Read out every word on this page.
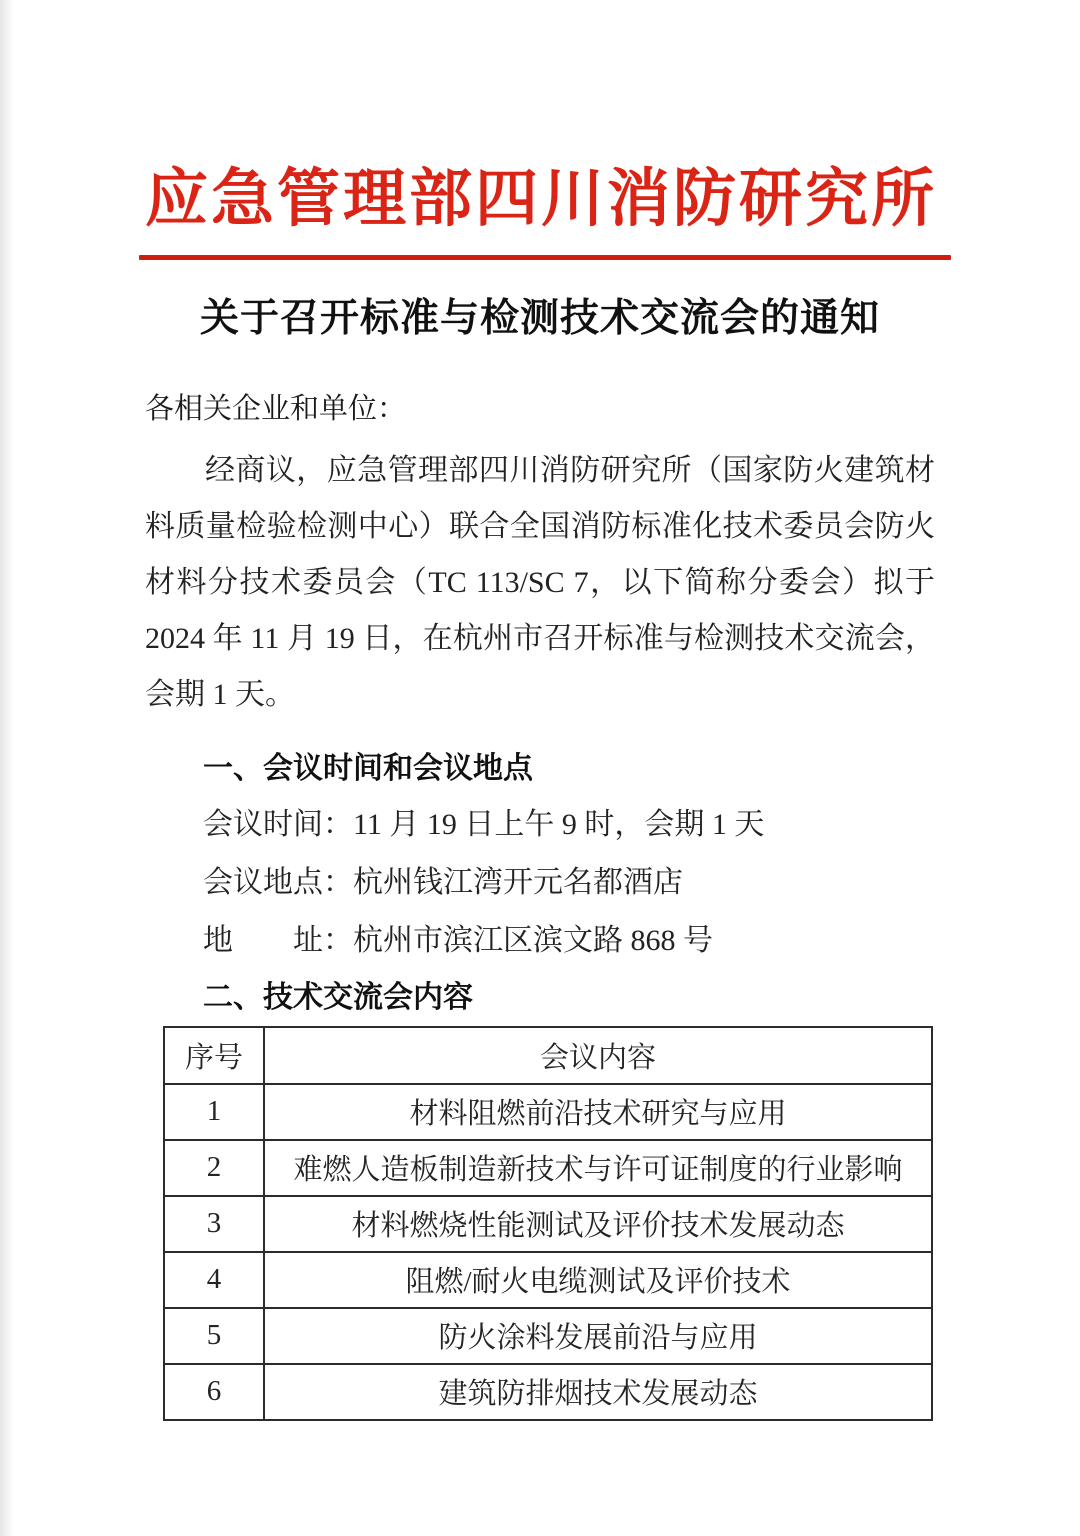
应急管理部四川消防研究所
关于召开标准与检测技术交流会的通知

各相关企业和单位：

经商议，应急管理部四川消防研究所（国家防火建筑材料质量检验检测中心）联合全国消防标准化技术委员会防火材料分技术委员会（TC 113/SC 7，以下简称分委会）拟于 2024 年 11 月 19 日，在杭州市召开标准与检测技术交流会，会期 1 天。

一、会议时间和会议地点

会议时间：11 月 19 日上午 9 时，会期 1 天

会议地点：杭州钱江湾开元名都酒店

地　　址：杭州市滨江区滨文路 868 号

二、技术交流会内容
序号	会议内容
1	材料阻燃前沿技术研究与应用
2	难燃人造板制造新技术与许可证制度的行业影响
3	材料燃烧性能测试及评价技术发展动态
4	阻燃/耐火电缆测试及评价技术
5	防火涂料发展前沿与应用
6	建筑防排烟技术发展动态
